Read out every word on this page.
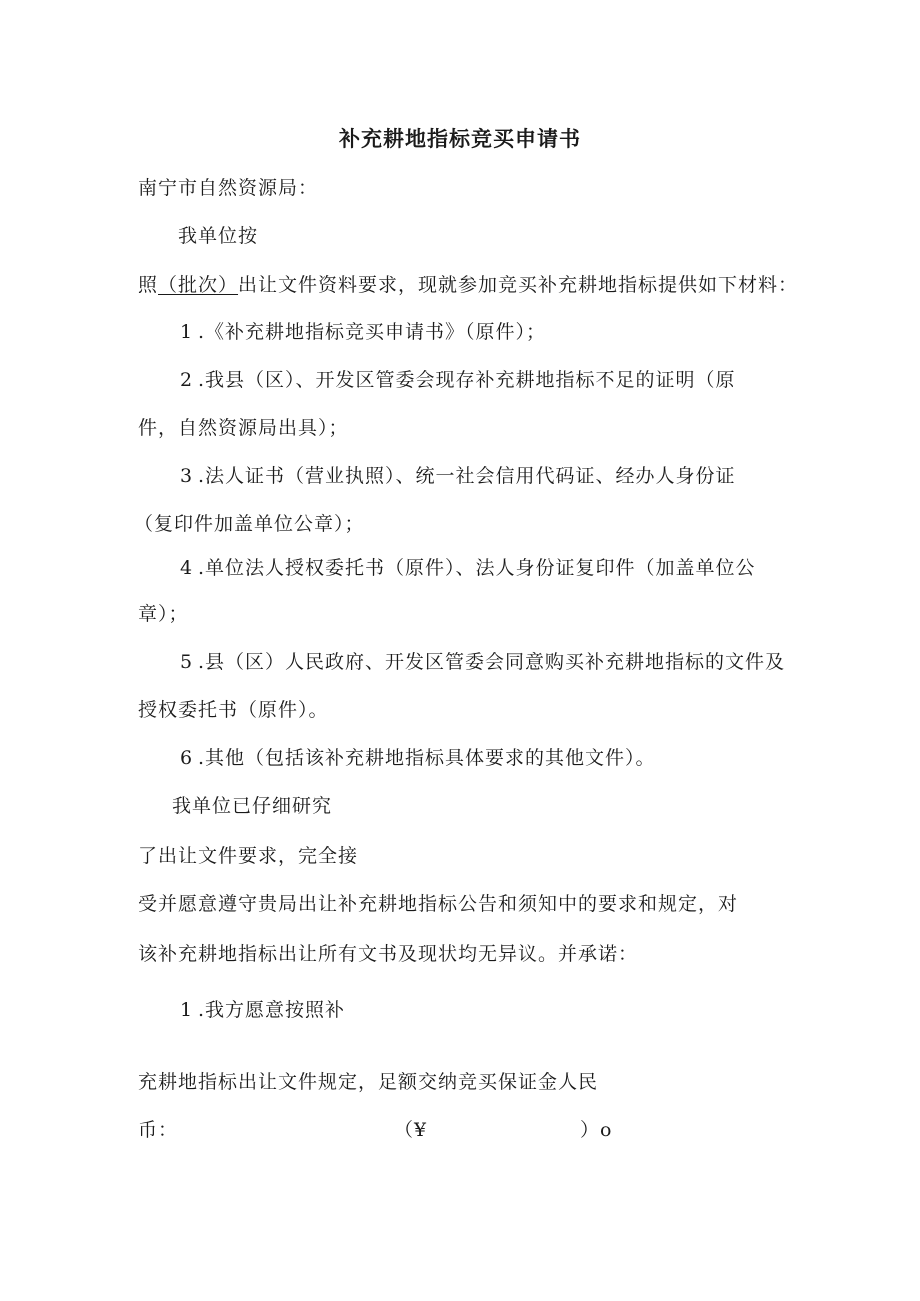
补充耕地指标竞买申请书
南宁市自然资源局：
我单位按
照（批次）出让文件资料要求，现就参加竞买补充耕地指标提供如下材料：
1 .《补充耕地指标竞买申请书》（原件）；
2 .我县（区）、开发区管委会现存补充耕地指标不足的证明（原
件，自然资源局出具）；
3 .法人证书（营业执照）、统一社会信用代码证、经办人身份证
（复印件加盖单位公章）；
4 .单位法人授权委托书（原件）、法人身份证复印件（加盖单位公
章）；
5 .县（区）人民政府、开发区管委会同意购买补充耕地指标的文件及
授权委托书（原件）。
6 .其他（包括该补充耕地指标具体要求的其他文件）。
我单位已仔细研究
了出让文件要求，完全接
受并愿意遵守贵局出让补充耕地指标公告和须知中的要求和规定，对
该补充耕地指标出让所有文书及现状均无异议。并承诺：
1 .我方愿意按照补
充耕地指标出让文件规定，足额交纳竞买保证金人民
币：	（¥	）o
